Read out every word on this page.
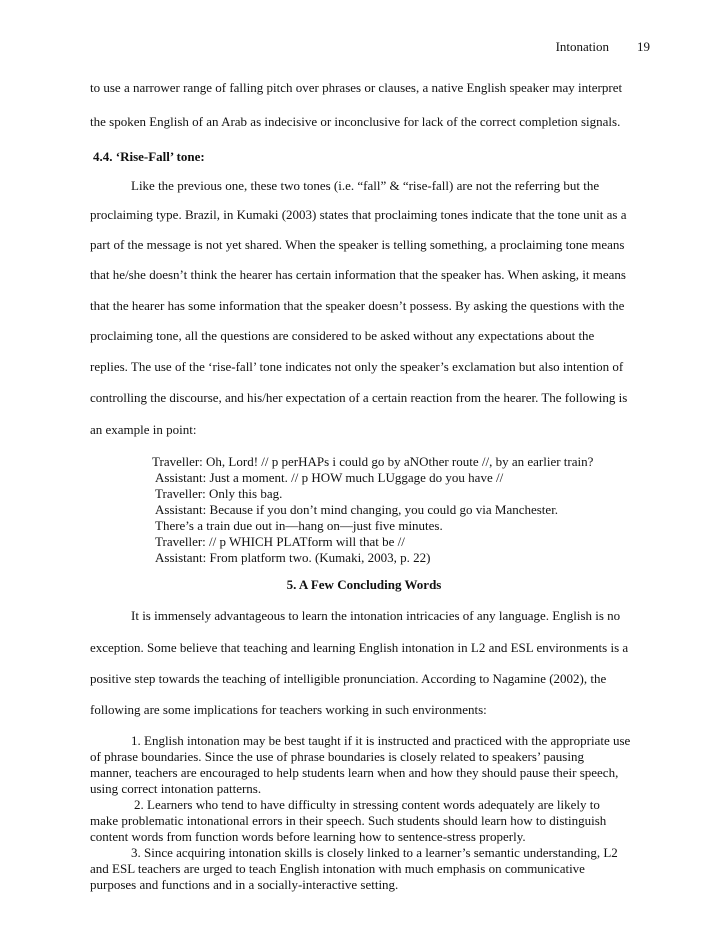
Intonation 19
to use a narrower range of falling pitch over phrases or clauses, a native English speaker may interpret
the spoken English of an Arab as indecisive or inconclusive for lack of the correct completion signals.
4.4. ‘Rise-Fall’ tone:
Like the previous one, these two tones (i.e. “fall” & “rise-fall) are not the referring but the
proclaiming type. Brazil, in Kumaki (2003) states that proclaiming tones indicate that the tone unit as a
part of the message is not yet shared. When the speaker is telling something, a proclaiming tone means
that he/she doesn’t think the hearer has certain information that the speaker has. When asking, it means
that the hearer has some information that the speaker doesn’t possess. By asking the questions with the
proclaiming tone, all the questions are considered to be asked without any expectations about the
replies. The use of the ‘rise-fall’ tone indicates not only the speaker’s exclamation but also intention of
controlling the discourse, and his/her expectation of a certain reaction from the hearer. The following is
an example in point:
Traveller: Oh, Lord! // p perHAPs i could go by aNOther route //, by an earlier train?
Assistant: Just a moment. // p HOW much LUggage do you have //
Traveller: Only this bag.
Assistant: Because if you don’t mind changing, you could go via Manchester.
There’s a train due out in—hang on—just five minutes.
Traveller: // p WHICH PLATform will that be //
Assistant: From platform two. (Kumaki, 2003, p. 22)
5. A Few Concluding Words
It is immensely advantageous to learn the intonation intricacies of any language. English is no
exception. Some believe that teaching and learning English intonation in L2 and ESL environments is a
positive step towards the teaching of intelligible pronunciation. According to Nagamine (2002), the
following are some implications for teachers working in such environments:
1. English intonation may be best taught if it is instructed and practiced with the appropriate use
of phrase boundaries. Since the use of phrase boundaries is closely related to speakers’ pausing
manner, teachers are encouraged to help students learn when and how they should pause their speech,
using correct intonation patterns.
2. Learners who tend to have difficulty in stressing content words adequately are likely to
make problematic intonational errors in their speech. Such students should learn how to distinguish
content words from function words before learning how to sentence-stress properly.
3. Since acquiring intonation skills is closely linked to a learner’s semantic understanding, L2
and ESL teachers are urged to teach English intonation with much emphasis on communicative
purposes and functions and in a socially-interactive setting.
